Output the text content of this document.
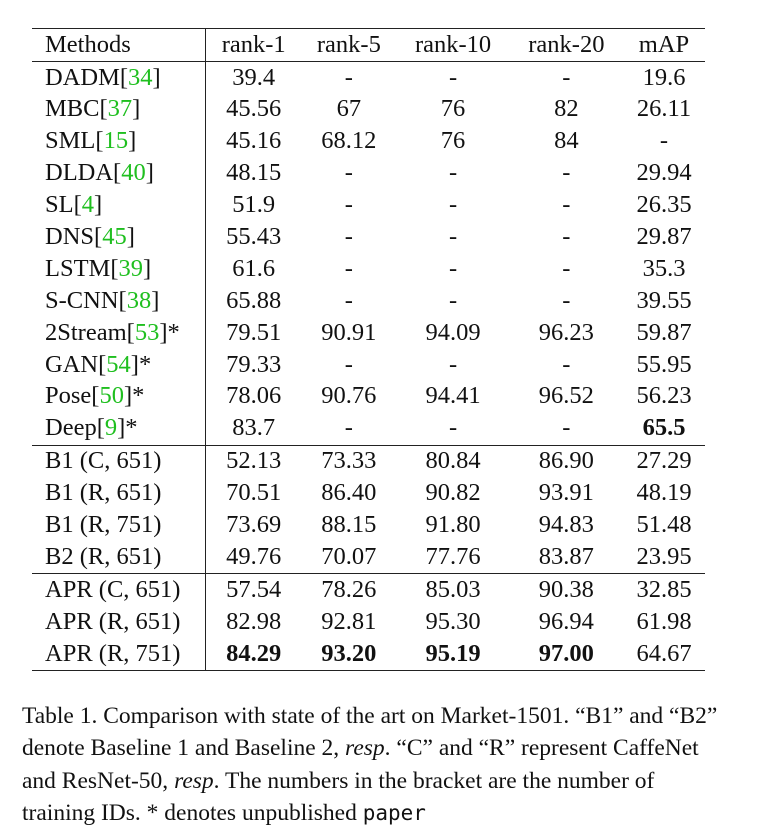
Methods	rank-1	rank-5	rank-10	rank-20	mAP
DADM[34]	39.4	-	-	-	19.6
MBC[37]	45.56	67	76	82	26.11
SML[15]	45.16	68.12	76	84	-
DLDA[40]	48.15	-	-	-	29.94
SL[4]	51.9	-	-	-	26.35
DNS[45]	55.43	-	-	-	29.87
LSTM[39]	61.6	-	-	-	35.3
S-CNN[38]	65.88	-	-	-	39.55
2Stream[53]*	79.51	90.91	94.09	96.23	59.87
GAN[54]*	79.33	-	-	-	55.95
Pose[50]*	78.06	90.76	94.41	96.52	56.23
Deep[9]*	83.7	-	-	-	65.5
B1 (C, 651)	52.13	73.33	80.84	86.90	27.29
B1 (R, 651)	70.51	86.40	90.82	93.91	48.19
B1 (R, 751)	73.69	88.15	91.80	94.83	51.48
B2 (R, 651)	49.76	70.07	77.76	83.87	23.95
APR (C, 651)	57.54	78.26	85.03	90.38	32.85
APR (R, 651)	82.98	92.81	95.30	96.94	61.98
APR (R, 751)	84.29	93.20	95.19	97.00	64.67

Table 1. Comparison with state of the art on Market-1501. “B1” and “B2” denote Baseline 1 and Baseline 2, resp. “C” and “R” represent CaffeNet and ResNet-50, resp. The numbers in the bracket are the number of training IDs. * denotes unpublished paper
